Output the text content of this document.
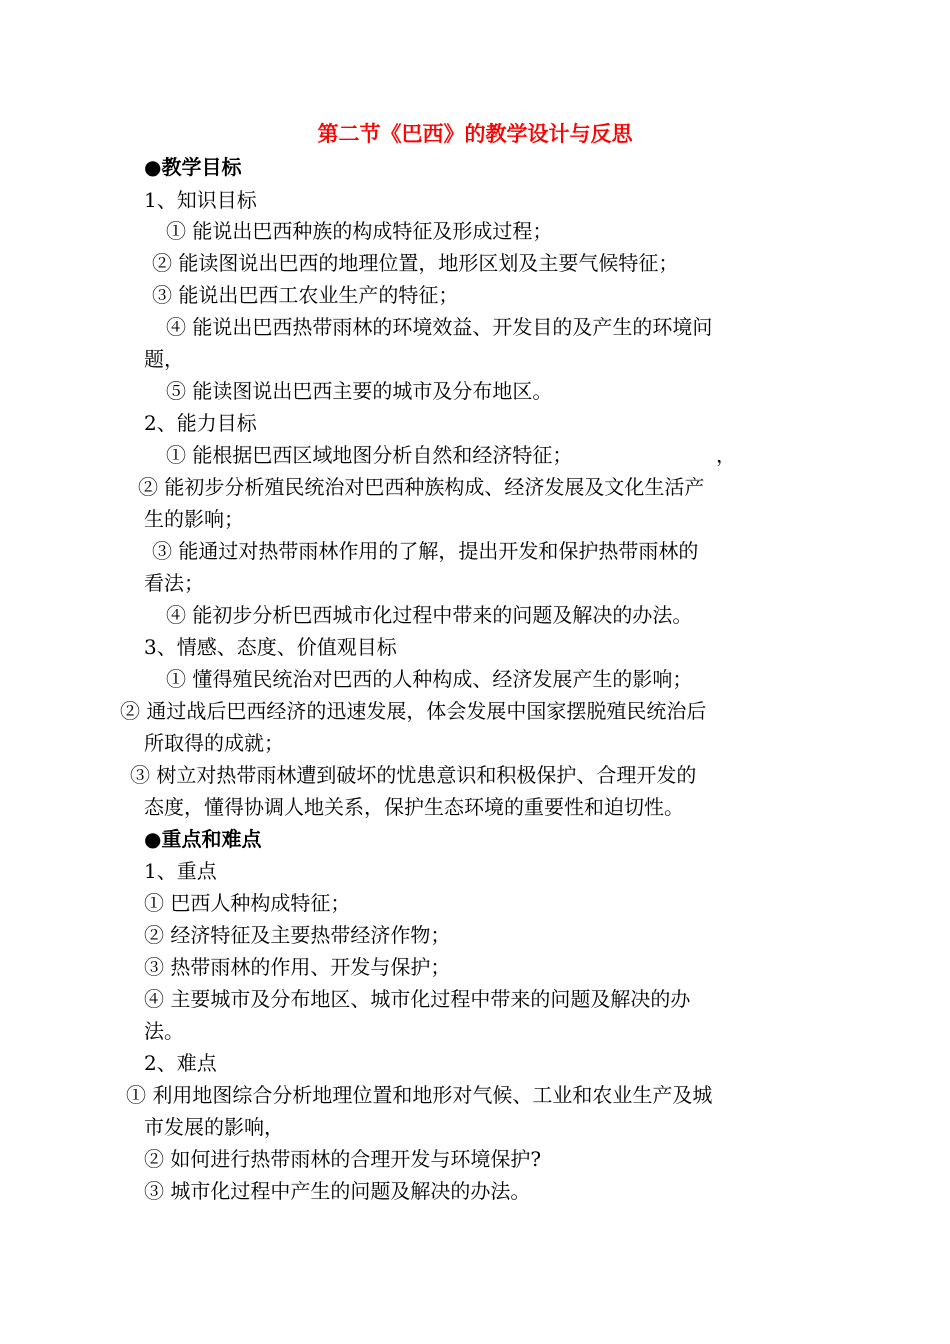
第二节《巴西》的教学设计与反思
●教学目标
1、知识目标
① 能说出巴西种族的构成特征及形成过程；
② 能读图说出巴西的地理位置，地形区划及主要气候特征；
③ 能说出巴西工农业生产的特征；
④ 能说出巴西热带雨林的环境效益、开发目的及产生的环境问
题，
⑤ 能读图说出巴西主要的城市及分布地区。
2、能力目标
① 能根据巴西区域地图分析自然和经济特征；	，
② 能初步分析殖民统治对巴西种族构成、经济发展及文化生活产
生的影响；
③ 能通过对热带雨林作用的了解，提出开发和保护热带雨林的
看法；
④ 能初步分析巴西城市化过程中带来的问题及解决的办法。
3、情感、态度、价值观目标
① 懂得殖民统治对巴西的人种构成、经济发展产生的影响；
② 通过战后巴西经济的迅速发展，体会发展中国家摆脱殖民统治后
所取得的成就；
③ 树立对热带雨林遭到破坏的忧患意识和积极保护、合理开发的
态度，懂得协调人地关系，保护生态环境的重要性和迫切性。
●重点和难点
1、重点
① 巴西人种构成特征；
② 经济特征及主要热带经济作物；
③ 热带雨林的作用、开发与保护；
④ 主要城市及分布地区、城市化过程中带来的问题及解决的办
法。
2、难点
① 利用地图综合分析地理位置和地形对气候、工业和农业生产及城
市发展的影响，
② 如何进行热带雨林的合理开发与环境保护?
③ 城市化过程中产生的问题及解决的办法。
